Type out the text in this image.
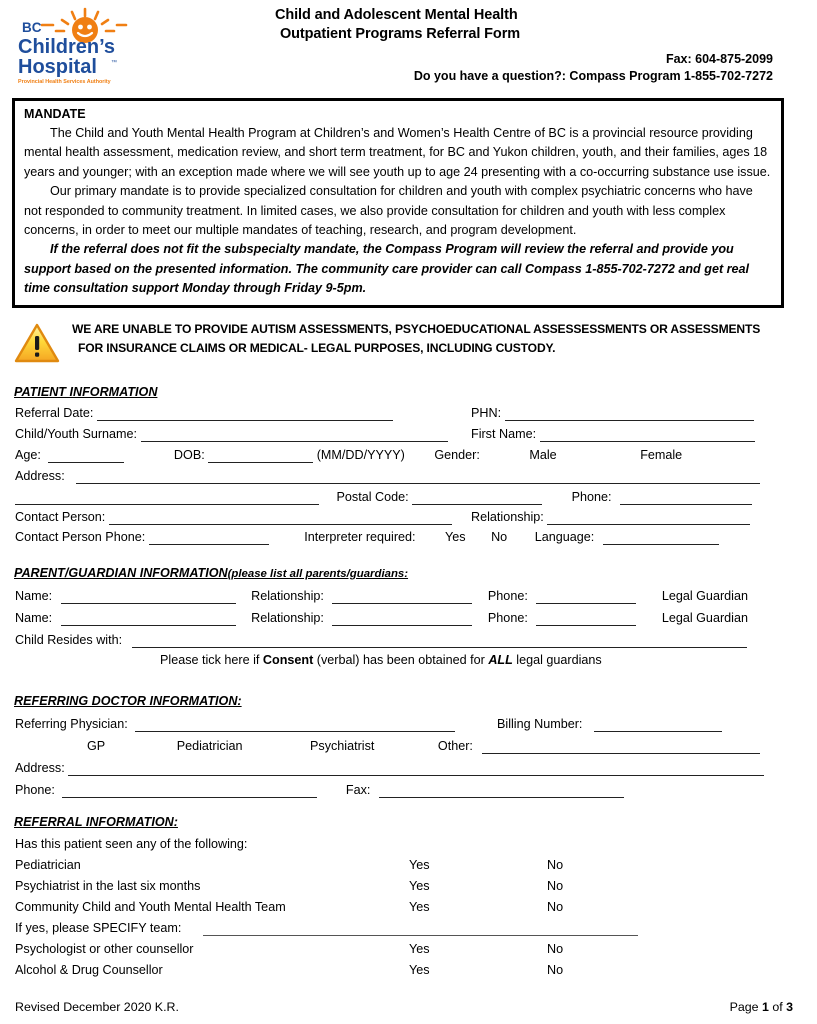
BC
Children’s
Hospital ™
Provincial Health Services Authority
Child and Adolescent Mental Health
Outpatient Programs Referral Form
Fax: 604-875-2099
Do you have a question?: Compass Program 1-855-702-7272
MANDATE

The Child and Youth Mental Health Program at Children’s and Women’s Health Centre of BC is a provincial resource providing mental health assessment, medication review, and short term treatment, for BC and Yukon children, youth, and their families, ages 18 years and younger; with an exception made where we will see youth up to age 24 presenting with a co-occurring substance use issue.

Our primary mandate is to provide specialized consultation for children and youth with complex psychiatric concerns who have not responded to community treatment. In limited cases, we also provide consultation for children and youth with less complex concerns, in order to meet our multiple mandates of teaching, research, and program development.

If the referral does not fit the subspecialty mandate, the Compass Program will review the referral and provide you support based on the presented information. The community care provider can call Compass 1-855-702-7272 and get real time consultation support Monday through Friday 9-5pm.

WE ARE UNABLE TO PROVIDE AUTISM ASSESSMENTS, PSYCHOEDUCATIONAL ASSESSESSMENTS OR ASSESSMENTS
FOR INSURANCE CLAIMS OR MEDICAL- LEGAL PURPOSES, INCLUDING CUSTODY.
PATIENT INFORMATION
Referral Date:	PHN:
Child/Youth Surname:	First Name:
Age:	DOB:	(MM/DD/YYYY) Gender:	Male	Female
Address:
Postal Code:	Phone:
Contact Person:	Relationship:
Contact Person Phone:	Interpreter required: Yes No Language:
PARENT/GUARDIAN INFORMATION(please list all parents/guardians:
Name:	Relationship:	Phone:	Legal Guardian
Name:	Relationship:	Phone:	Legal Guardian
Child Resides with:
Please tick here if Consent (verbal) has been obtained for ALL legal guardians
REFERRING DOCTOR INFORMATION:
Referring Physician:	Billing Number:
GP	Pediatrician	Psychiatrist	Other:
Address:
Phone:	Fax:
REFERRAL INFORMATION:
Has this patient seen any of the following:
Pediatrician	Yes	No
Psychiatrist in the last six months	Yes	No
Community Child and Youth Mental Health Team	Yes	No
If yes, please SPECIFY team:
Psychologist or other counsellor	Yes	No
Alcohol & Drug Counsellor	Yes	No
Revised December 2020 K.R.	Page 1 of 3
